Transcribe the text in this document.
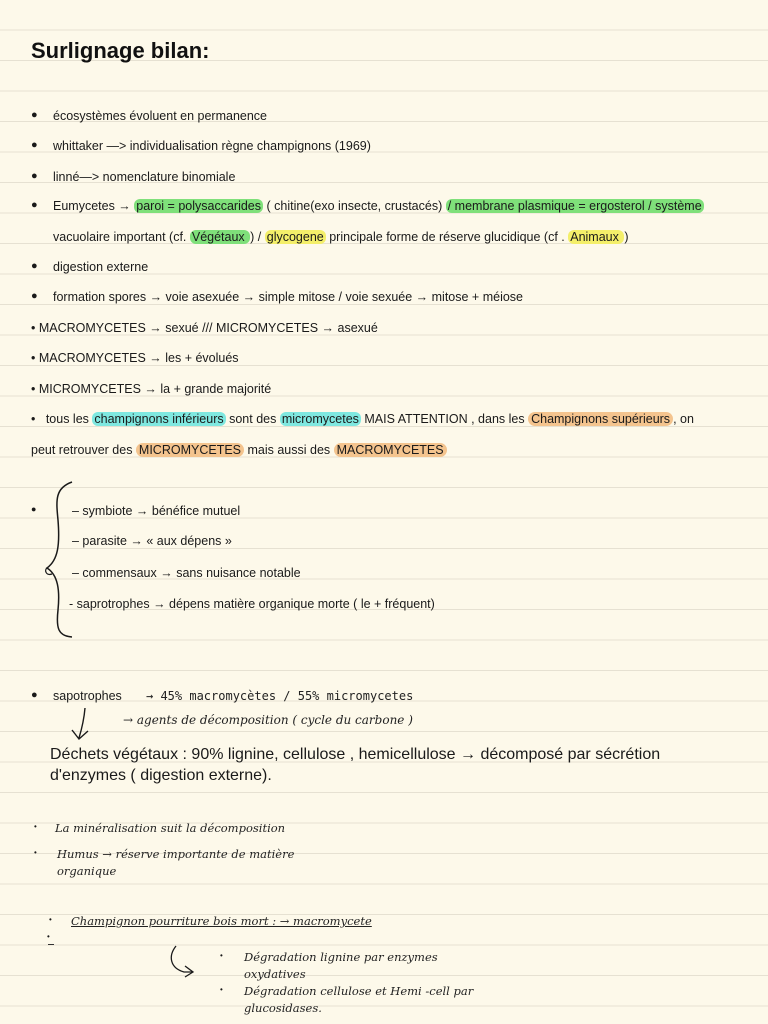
Surlignage bilan:
●
●
●
●
●
●
écosystèmes évoluent en permanence
whittaker —> individualisation règne champignons (1969)
linné—> nomenclature binomiale
Eumycetes → paroi = polysaccarides ( chitine(exo insecte, crustacés) / membrane plasmique = ergosterol / système
vacuolaire important (cf. Végétaux ) / glycogene principale forme de réserve glucidique (cf . Animaux )
digestion externe
formation spores → voie asexuée → simple mitose / voie sexuée → mitose + méiose
• MACROMYCETES → sexué /// MICROMYCETES → asexué
• MACROMYCETES → les + évolués
• MICROMYCETES → la + grande majorité
• tous les champignons inférieurs sont des micromycetes MAIS ATTENTION , dans les Champignons supérieurs , on
peut retrouver des MICROMYCETES mais aussi des MACROMYCETES
●	– symbiote → bénéfice mutuel
– parasite → « aux dépens »
– commensaux → sans nuisance notable
- saprotrophes → dépens matière organique morte ( le + fréquent)
● sapotrophes → 45% macromycètes / 55% micromycetes
→ agents de décomposition ( cycle du carbone )
Déchets végétaux : 90% lignine, cellulose , hemicellulose → décomposé par sécrétion
d'enzymes ( digestion externe).
• La minéralisation suit la décomposition
• Humus → réserve importante de matière
organique
• Champignon pourriture bois mort : → macromycete
•
• Dégradation lignine par enzymes
oxydatives
• Dégradation cellulose et Hemi -cell par
glucosidases.
